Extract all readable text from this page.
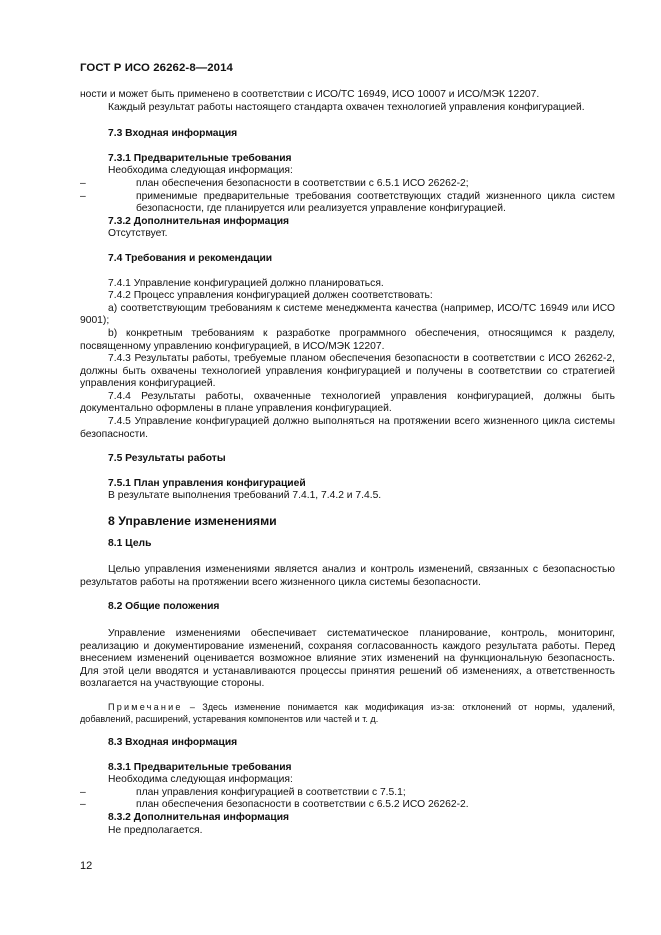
ГОСТ Р ИСО 26262-8—2014

ности и может быть применено в соответствии с ИСО/ТС 16949, ИСО 10007 и ИСО/МЭК 12207.

Каждый результат работы настоящего стандарта охвачен технологией управления конфигурацией.

7.3 Входная информация

7.3.1 Предварительные требования

Необходима следующая информация:

–	план обеспечения безопасности в соответствии с 6.5.1 ИСО 26262-2;
–	применимые предварительные требования соответствующих стадий жизненного цикла систем безопасности, где планируется или реализуется управление конфигурацией.

7.3.2 Дополнительная информация

Отсутствует.

7.4 Требования и рекомендации

7.4.1 Управление конфигурацией должно планироваться.

7.4.2 Процесс управления конфигурацией должен соответствовать:

a) соответствующим требованиям к системе менеджмента качества (например, ИСО/ТС 16949 или ИСО 9001);

b) конкретным требованиям к разработке программного обеспечения, относящимся к разделу, посвященному управлению конфигурацией, в ИСО/МЭК 12207.

7.4.3 Результаты работы, требуемые планом обеспечения безопасности в соответствии с ИСО 26262-2, должны быть охвачены технологией управления конфигурацией и получены в соответствии со стратегией управления конфигурацией.

7.4.4 Результаты работы, охваченные технологией управления конфигурацией, должны быть документально оформлены в плане управления конфигурацией.

7.4.5 Управление конфигурацией должно выполняться на протяжении всего жизненного цикла системы безопасности.

7.5 Результаты работы

7.5.1 План управления конфигурацией

В результате выполнения требований 7.4.1, 7.4.2 и 7.4.5.

8 Управление изменениями

8.1 Цель

Целью управления изменениями является анализ и контроль изменений, связанных с безопасностью результатов работы на протяжении всего жизненного цикла системы безопасности.

8.2 Общие положения

Управление изменениями обеспечивает систематическое планирование, контроль, мониторинг, реализацию и документирование изменений, сохраняя согласованность каждого результата работы. Перед внесением изменений оценивается возможное влияние этих изменений на функциональную безопасность. Для этой цели вводятся и устанавливаются процессы принятия решений об изменениях, а ответственность возлагается на участвующие стороны.

Примечание – Здесь изменение понимается как модификация из-за: отклонений от нормы, удалений, добавлений, расширений, устаревания компонентов или частей и т. д.

8.3 Входная информация

8.3.1 Предварительные требования

Необходима следующая информация:

–	план управления конфигурацией в соответствии с 7.5.1;
–	план обеспечения безопасности в соответствии с 6.5.2 ИСО 26262-2.

8.3.2 Дополнительная информация

Не предполагается.

12
